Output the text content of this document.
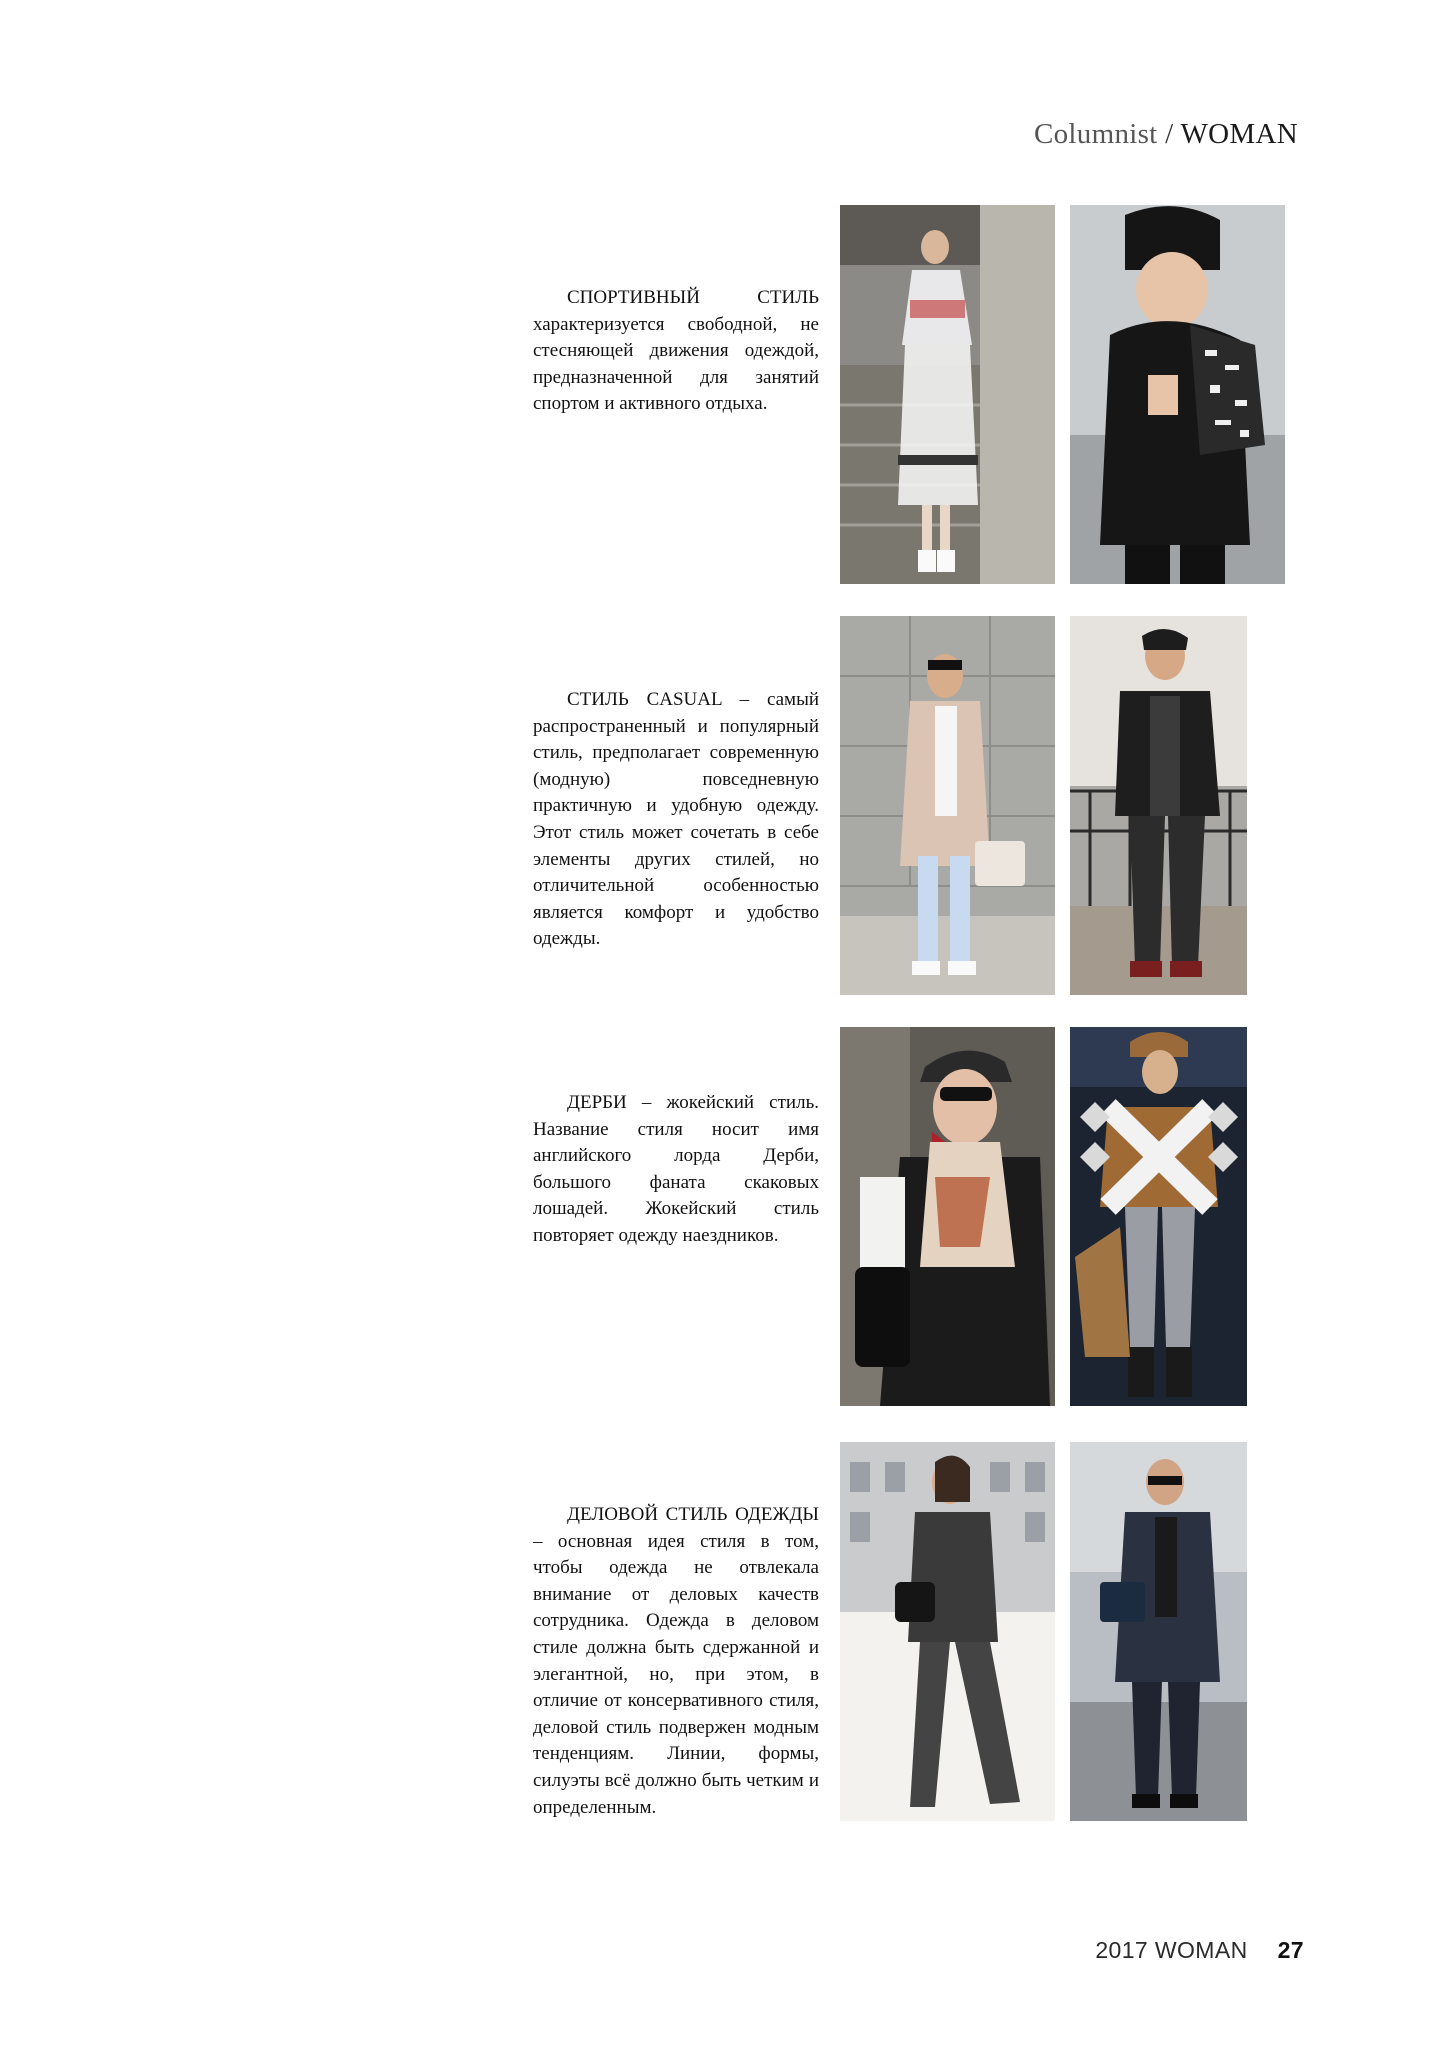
Columnist / WOMAN

СПОРТИВНЫЙ СТИЛЬ характеризуется свободной, не стесняющей движения одеждой, предназначенной для занятий спортом и активного отдыха.

СТИЛЬ CASUAL – самый распространенный и популярный стиль, предполагает современную (модную) повседневную практичную и удобную одежду. Этот стиль может сочетать в себе элементы других стилей, но отличительной особенностью является комфорт и удобство одежды.

ДЕРБИ – жокейский стиль. Название стиля носит имя английского лорда Дерби, большого фаната скаковых лошадей. Жокейский стиль повторяет одежду наездников.

ДЕЛОВОЙ СТИЛЬ ОДЕЖДЫ – основная идея стиля в том, чтобы одежда не отвлекала внимание от деловых качеств сотрудника. Одежда в деловом стиле должна быть сдержанной и элегантной, но, при этом, в отличие от консервативного стиля, деловой стиль подвержен модным тенденциям. Линии, формы, силуэты всё должно быть четким и определенным.

2017 WOMAN 27
